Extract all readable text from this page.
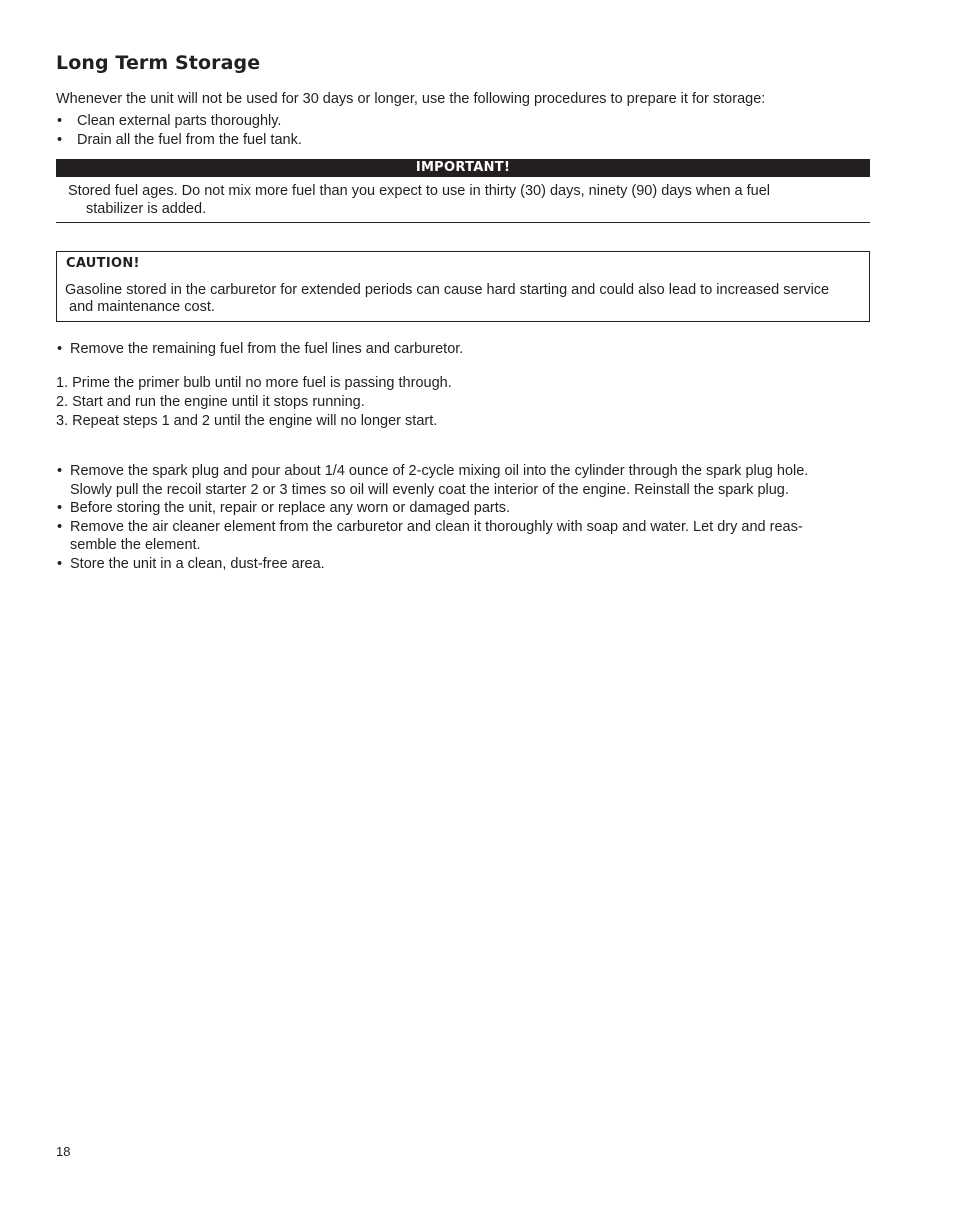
Long Term Storage
Whenever the unit will not be used for 30 days or longer, use the following procedures to prepare it for storage:
• Clean external parts thoroughly.
• Drain all the fuel from the fuel tank.
IMPORTANT!
Stored fuel ages. Do not mix more fuel than you expect to use in thirty (30) days, ninety (90) days when a fuel
stabilizer is added.
CAUTION!
Gasoline stored in the carburetor for extended periods can cause hard starting and could also lead to increased service
and maintenance cost.
• Remove the remaining fuel from the fuel lines and carburetor.
1. Prime the primer bulb until no more fuel is passing through.
2. Start and run the engine until it stops running.
3. Repeat steps 1 and 2 until the engine will no longer start.
• Remove the spark plug and pour about 1/4 ounce of 2-cycle mixing oil into the cylinder through the spark plug hole.
Slowly pull the recoil starter 2 or 3 times so oil will evenly coat the interior of the engine. Reinstall the spark plug.
• Before storing the unit, repair or replace any worn or damaged parts.
• Remove the air cleaner element from the carburetor and clean it thoroughly with soap and water. Let dry and reas-
semble the element.
• Store the unit in a clean, dust-free area.
18
